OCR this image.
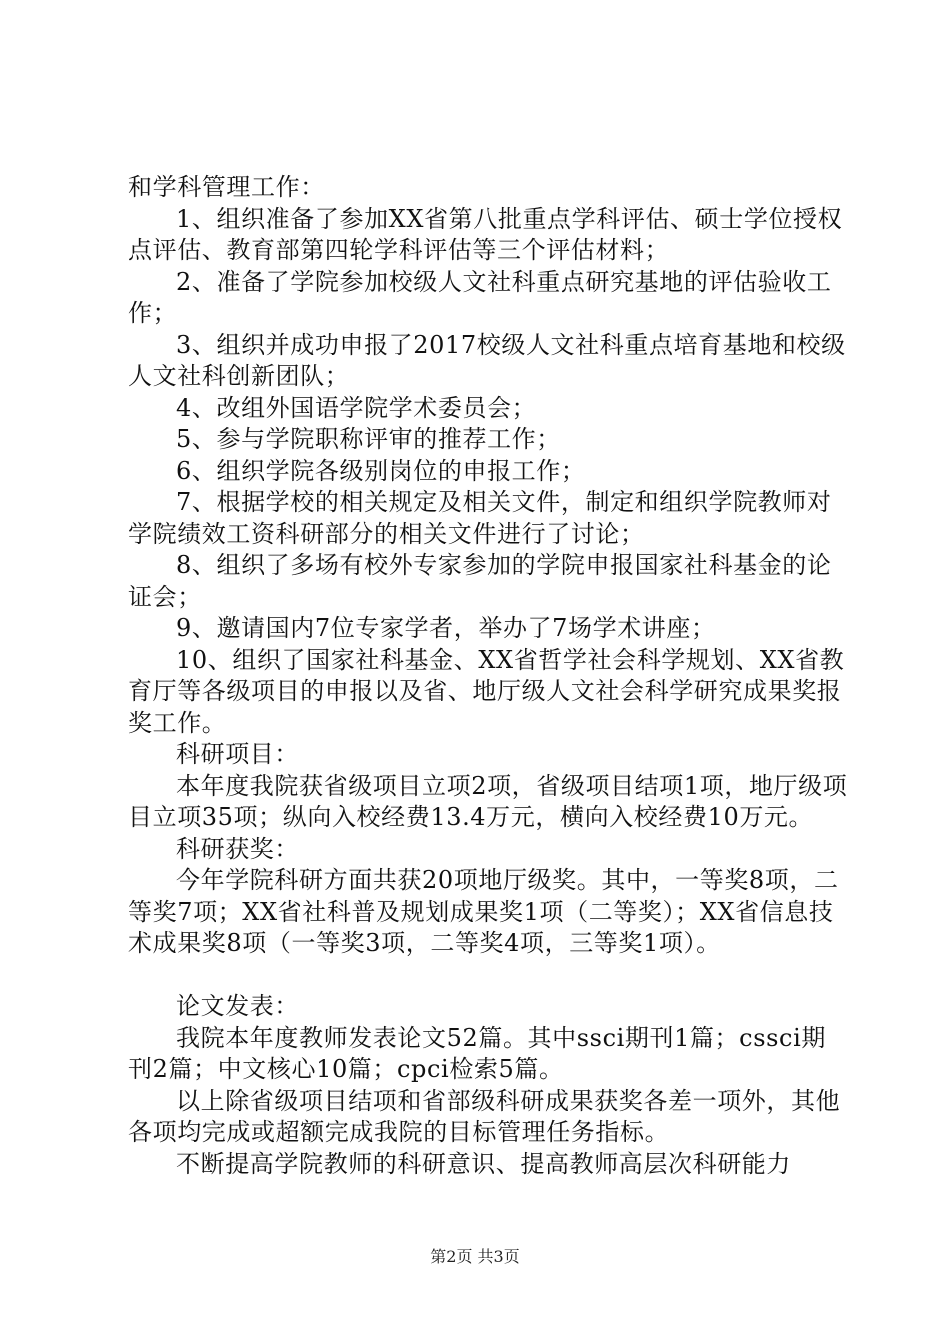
和学科管理工作：

1、组织准备了参加XX省第八批重点学科评估、硕士学位授权点评估、教育部第四轮学科评估等三个评估材料；

2、准备了学院参加校级人文社科重点研究基地的评估验收工作；

3、组织并成功申报了2017校级人文社科重点培育基地和校级人文社科创新团队；

4、改组外国语学院学术委员会；

5、参与学院职称评审的推荐工作；

6、组织学院各级别岗位的申报工作；

7、根据学校的相关规定及相关文件，制定和组织学院教师对学院绩效工资科研部分的相关文件进行了讨论；

8、组织了多场有校外专家参加的学院申报国家社科基金的论证会；

9、邀请国内7位专家学者，举办了7场学术讲座；

10、组织了国家社科基金、XX省哲学社会科学规划、XX省教育厅等各级项目的申报以及省、地厅级人文社会科学研究成果奖报奖工作。

科研项目：

本年度我院获省级项目立项2项，省级项目结项1项，地厅级项目立项35项；纵向入校经费13.4万元，横向入校经费10万元。

科研获奖：

今年学院科研方面共获20项地厅级奖。其中，一等奖8项，二等奖7项；XX省社科普及规划成果奖1项（二等奖）；XX省信息技术成果奖8项（一等奖3项，二等奖4项，三等奖1项）。

论文发表：

我院本年度教师发表论文52篇。其中ssci期刊1篇；cssci期刊2篇；中文核心10篇；cpci检索5篇。

以上除省级项目结项和省部级科研成果获奖各差一项外，其他各项均完成或超额完成我院的目标管理任务指标。

不断提高学院教师的科研意识、提高教师高层次科研能力

第2页 共3页
